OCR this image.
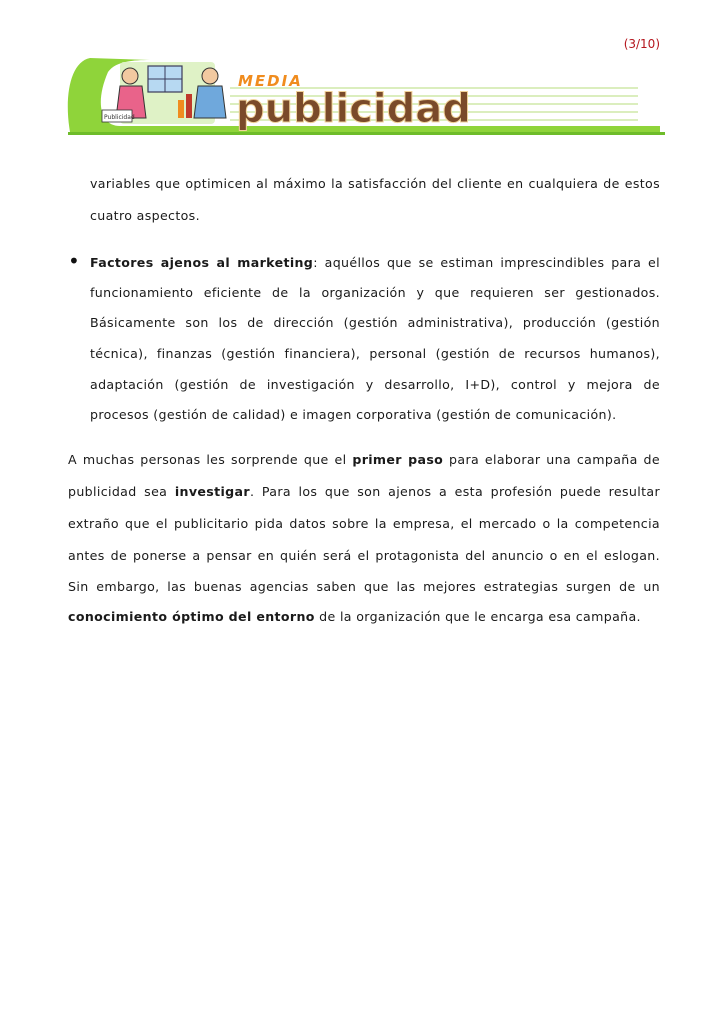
(3/10)
Publicidad
MEDIA
publicidad
variables que optimicen al máximo la satisfacción del cliente en cualquiera de estos
cuatro aspectos.
• Factores ajenos al marketing: aquéllos que se estiman imprescindibles para el
funcionamiento eficiente de la organización y que requieren ser gestionados.
Básicamente son los de dirección (gestión administrativa), producción (gestión
técnica), finanzas (gestión financiera), personal (gestión de recursos humanos),
adaptación (gestión de investigación y desarrollo, I+D), control y mejora de
procesos (gestión de calidad) e imagen corporativa (gestión de comunicación).
A muchas personas les sorprende que el primer paso para elaborar una campaña de
publicidad sea investigar. Para los que son ajenos a esta profesión puede resultar
extraño que el publicitario pida datos sobre la empresa, el mercado o la competencia
antes de ponerse a pensar en quién será el protagonista del anuncio o en el eslogan.
Sin embargo, las buenas agencias saben que las mejores estrategias surgen de un
conocimiento óptimo del entorno de la organización que le encarga esa campaña.
